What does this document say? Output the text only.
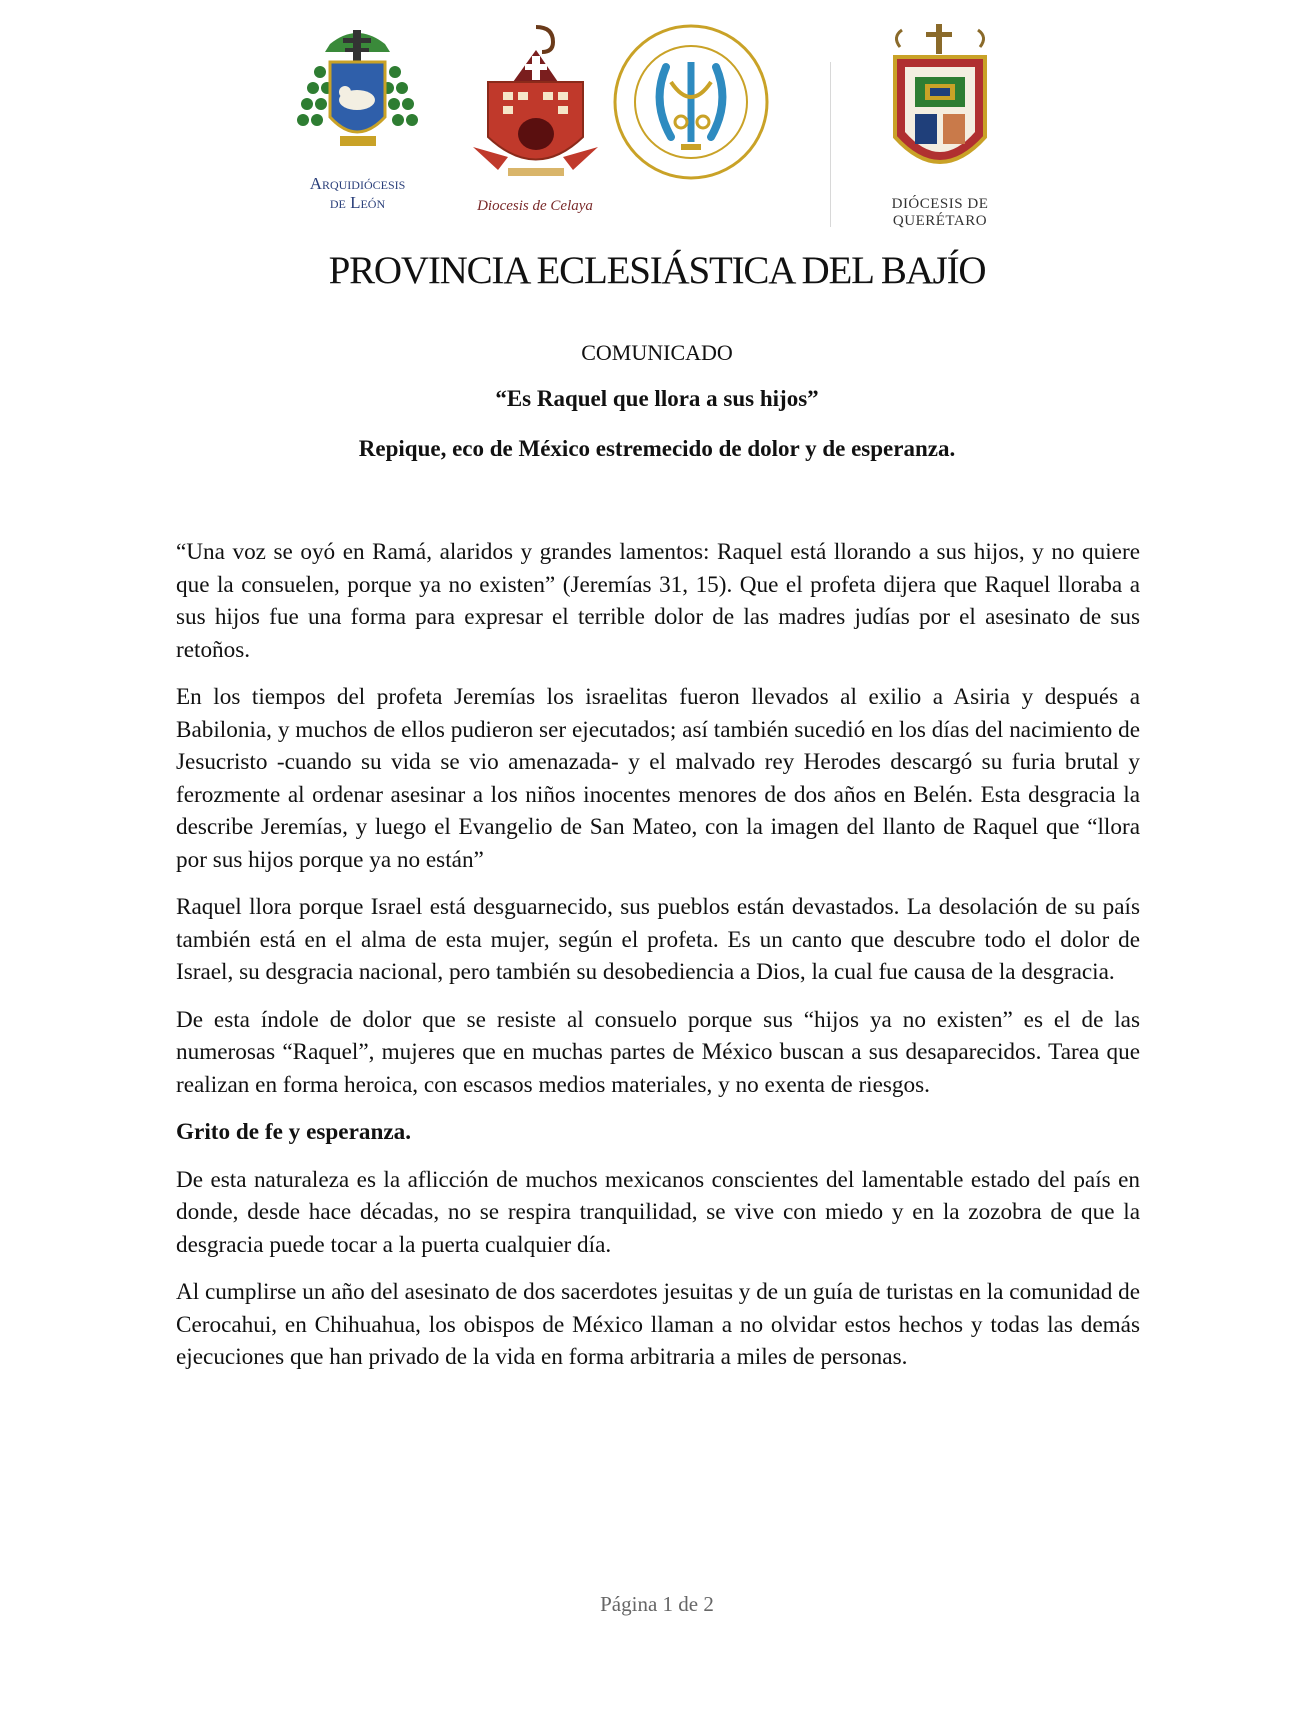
Arquidiócesis
de León	Diocesis de Celaya	DIÓCESIS DE QUERÉTARO
PROVINCIA ECLESIÁSTICA DEL BAJÍO

COMUNICADO

“Es Raquel que llora a sus hijos”

Repique, eco de México estremecido de dolor y de esperanza.

“Una voz se oyó en Ramá, alaridos y grandes lamentos: Raquel está llorando a sus hijos, y no quiere que la consuelen, porque ya no existen” (Jeremías 31, 15). Que el profeta dijera que Raquel lloraba a sus hijos fue una forma para expresar el terrible dolor de las madres judías por el asesinato de sus retoños.

En los tiempos del profeta Jeremías los israelitas fueron llevados al exilio a Asiria y después a Babilonia, y muchos de ellos pudieron ser ejecutados; así también sucedió en los días del nacimiento de Jesucristo -cuando su vida se vio amenazada- y el malvado rey Herodes descargó su furia brutal y ferozmente al ordenar asesinar a los niños inocentes menores de dos años en Belén. Esta desgracia la describe Jeremías, y luego el Evangelio de San Mateo, con la imagen del llanto de Raquel que “llora por sus hijos porque ya no están”

Raquel llora porque Israel está desguarnecido, sus pueblos están devastados. La desolación de su país también está en el alma de esta mujer, según el profeta. Es un canto que descubre todo el dolor de Israel, su desgracia nacional, pero también su desobediencia a Dios, la cual fue causa de la desgracia.

De esta índole de dolor que se resiste al consuelo porque sus “hijos ya no existen” es el de las numerosas “Raquel”, mujeres que en muchas partes de México buscan a sus desaparecidos. Tarea que realizan en forma heroica, con escasos medios materiales, y no exenta de riesgos.

Grito de fe y esperanza.

De esta naturaleza es la aflicción de muchos mexicanos conscientes del lamentable estado del país en donde, desde hace décadas, no se respira tranquilidad, se vive con miedo y en la zozobra de que la desgracia puede tocar a la puerta cualquier día.

Al cumplirse un año del asesinato de dos sacerdotes jesuitas y de un guía de turistas en la comunidad de Cerocahui, en Chihuahua, los obispos de México llaman a no olvidar estos hechos y todas las demás ejecuciones que han privado de la vida en forma arbitraria a miles de personas.

Página 1 de 2
